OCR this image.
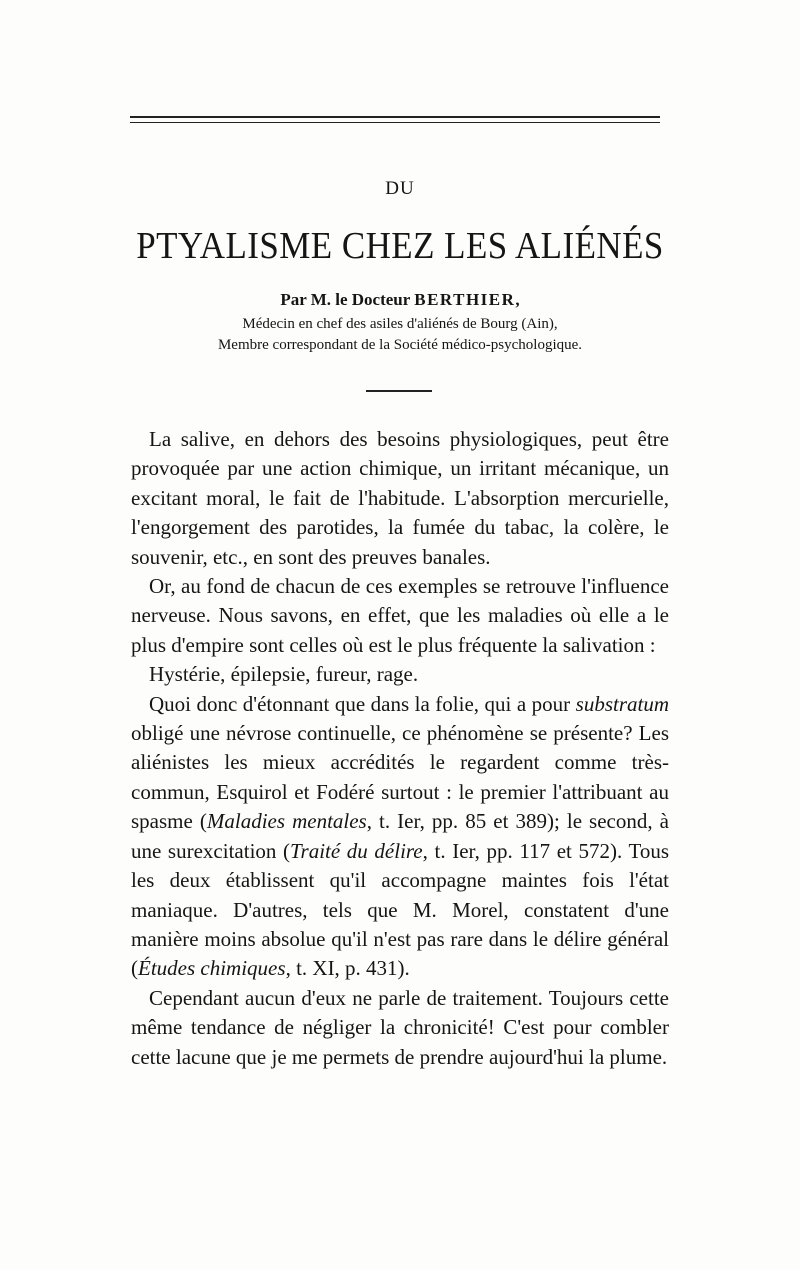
DU
PTYALISME CHEZ LES ALIÉNÉS
Par M. le Docteur BERTHIER,
Médecin en chef des asiles d'aliénés de Bourg (Ain),
Membre correspondant de la Société médico-psychologique.

La salive, en dehors des besoins physiologiques, peut être provoquée par une action chimique, un irritant mécanique, un excitant moral, le fait de l'habitude. L'absorption mercurielle, l'engorgement des parotides, la fumée du tabac, la colère, le souvenir, etc., en sont des preuves banales.

Or, au fond de chacun de ces exemples se retrouve l'influence nerveuse. Nous savons, en effet, que les maladies où elle a le plus d'empire sont celles où est le plus fréquente la salivation :

Hystérie, épilepsie, fureur, rage.

Quoi donc d'étonnant que dans la folie, qui a pour substratum obligé une névrose continuelle, ce phénomène se présente? Les aliénistes les mieux accrédités le regardent comme très-commun, Esquirol et Fodéré surtout : le premier l'attribuant au spasme (Maladies mentales, t. Ier, pp. 85 et 389); le second, à une surexcitation (Traité du délire, t. Ier, pp. 117 et 572). Tous les deux établissent qu'il accompagne maintes fois l'état maniaque. D'autres, tels que M. Morel, constatent d'une manière moins absolue qu'il n'est pas rare dans le délire général (Études chimiques, t. XI, p. 431).

Cependant aucun d'eux ne parle de traitement. Toujours cette même tendance de négliger la chronicité! C'est pour combler cette lacune que je me permets de prendre aujourd'hui la plume.
